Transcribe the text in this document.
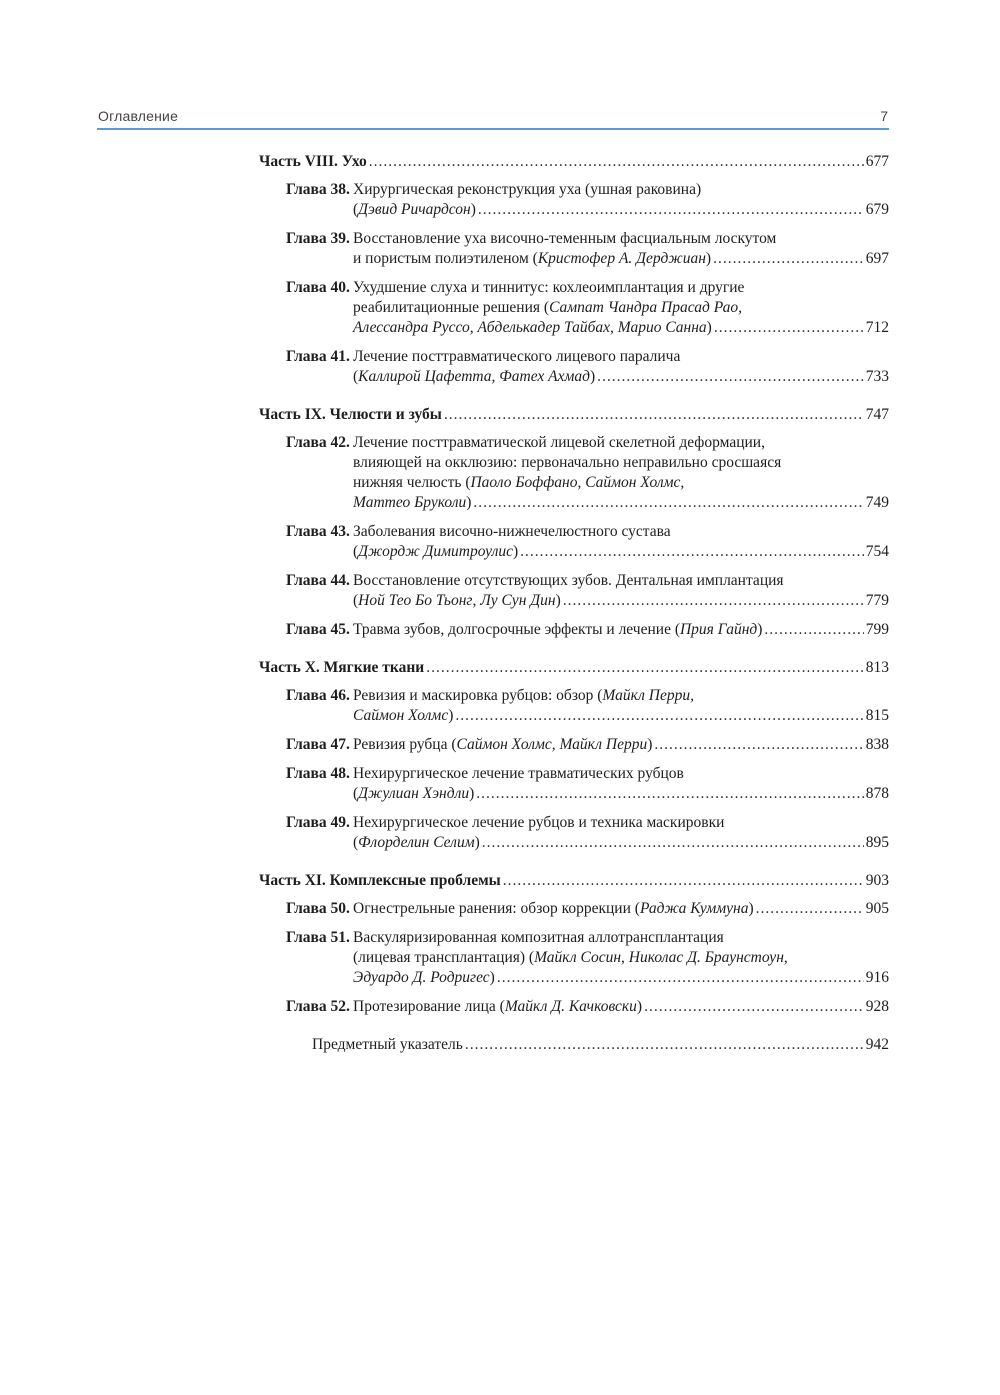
Оглавление	7
Часть VIII. Ухо .....	677
Глава 38. Хирургическая реконструкция уха (ушная раковина)
(Дэвид Ричардсон) .....	679
Глава 39. Восстановление уха височно-теменным фасциальным лоскутом
и пористым полиэтиленом (Кристофер А. Дерджиан) .....	697
Глава 40. Ухудшение слуха и тиннитус: кохлеоимплантация и другие
реабилитационные решения (Сампат Чандра Прасад Рао,
Алессандра Руссо, Абделькадер Тайбах, Марио Санна) .....	712
Глава 41. Лечение посттравматического лицевого паралича
(Каллирой Цафетта, Фатех Ахмад) .....	733
Часть IX. Челюсти и зубы .....	747
Глава 42. Лечение посттравматической лицевой скелетной деформации,
влияющей на окклюзию: первоначально неправильно сросшаяся
нижняя челюсть (Паоло Боффано, Саймон Холмс,
Маттео Бруколи) .....	749
Глава 43. Заболевания височно-нижнечелюстного сустава
(Джордж Димитроулис) .....	754
Глава 44. Восстановление отсутствующих зубов. Дентальная имплантация
(Ной Тео Бо Тьонг, Лу Сун Дин) .....	779
Глава 45. Травма зубов, долгосрочные эффекты и лечение (Прия Гайнд) .....	799
Часть X. Мягкие ткани .....	813
Глава 46. Ревизия и маскировка рубцов: обзор (Майкл Перри,
Саймон Холмс) .....	815
Глава 47. Ревизия рубца (Саймон Холмс, Майкл Перри) .....	838
Глава 48. Нехирургическое лечение травматических рубцов
(Джулиан Хэндли) .....	878
Глава 49. Нехирургическое лечение рубцов и техника маскировки
(Флорделин Селим) .....	895
Часть XI. Комплексные проблемы .....	903
Глава 50. Огнестрельные ранения: обзор коррекции (Раджа Куммуна) .....	905
Глава 51. Васкуляризированная композитная аллотрансплантация
(лицевая трансплантация) (Майкл Сосин, Николас Д. Браунстоун,
Эдуардо Д. Родригес) .....	916
Глава 52. Протезирование лица (Майкл Д. Качковски) .....	928
Предметный указатель .....	942
